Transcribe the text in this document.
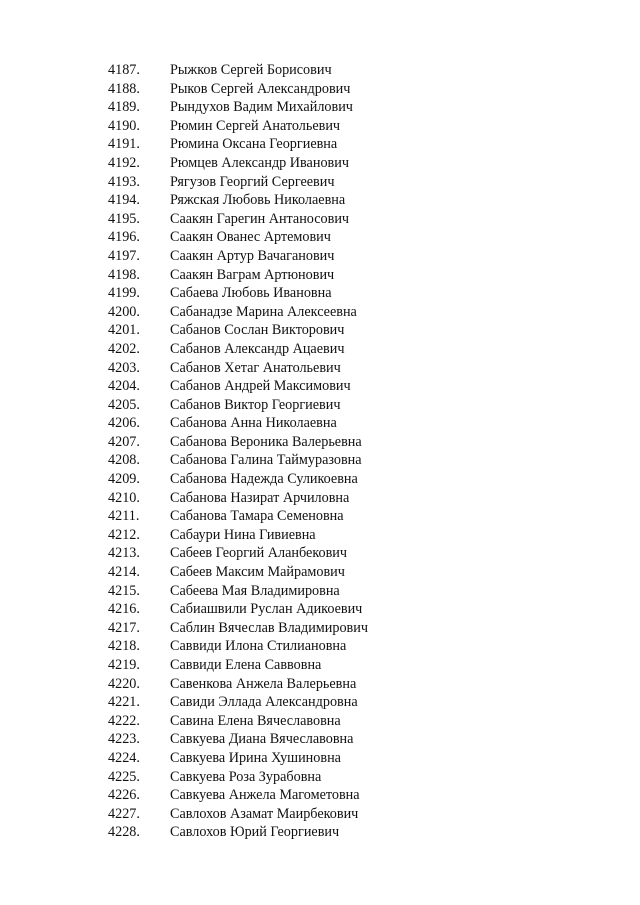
4187. Рыжков Сергей Борисович
4188. Рыков Сергей Александрович
4189. Рындухов Вадим Михайлович
4190. Рюмин Сергей Анатольевич
4191. Рюмина Оксана Георгиевна
4192. Рюмцев Александр Иванович
4193. Рягузов Георгий Сергеевич
4194. Ряжская Любовь Николаевна
4195. Саакян Гарегин Антаносович
4196. Саакян Ованес Артемович
4197. Саакян Артур Вачаганович
4198. Саакян Ваграм Артюнович
4199. Сабаева Любовь Ивановна
4200. Сабанадзе Марина Алексеевна
4201. Сабанов Сослан Викторович
4202. Сабанов Александр Ацаевич
4203. Сабанов Хетаг Анатольевич
4204. Сабанов Андрей Максимович
4205. Сабанов Виктор Георгиевич
4206. Сабанова Анна Николаевна
4207. Сабанова Вероника Валерьевна
4208. Сабанова Галина Таймуразовна
4209. Сабанова Надежда Суликоевна
4210. Сабанова Назират Арчиловна
4211. Сабанова Тамара Семеновна
4212. Сабаури Нина Гивиевна
4213. Сабеев Георгий Аланбекович
4214. Сабеев Максим Майрамович
4215. Сабеева Мая Владимировна
4216. Сабиашвили Руслан Адикоевич
4217. Саблин Вячеслав Владимирович
4218. Саввиди Илона Стилиановна
4219. Саввиди Елена Саввовна
4220. Савенкова Анжела Валерьевна
4221. Савиди Эллада Александровна
4222. Савина Елена Вячеславовна
4223. Савкуева Диана Вячеславовна
4224. Савкуева Ирина Хушиновна
4225. Савкуева Роза Зурабовна
4226. Савкуева Анжела Магометовна
4227. Савлохов Азамат Маирбекович
4228. Савлохов Юрий Георгиевич
